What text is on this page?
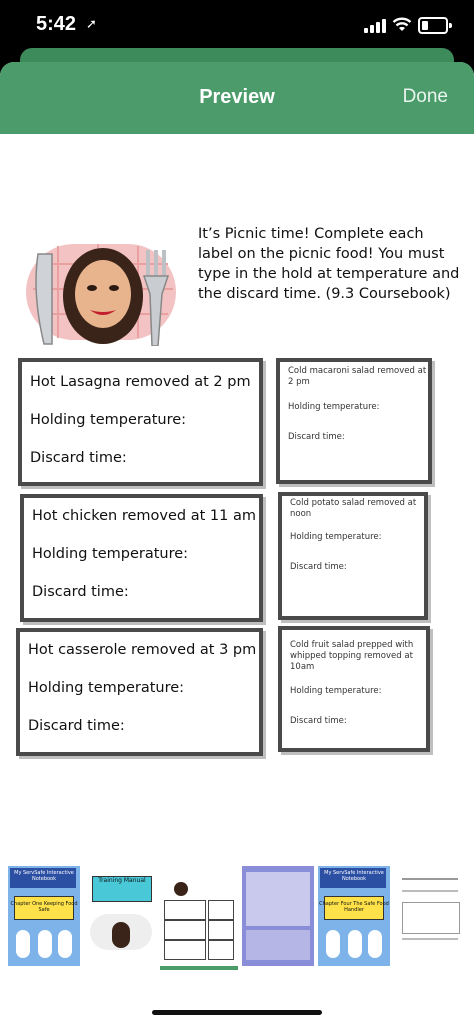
5:42 ➚
Preview	Done
It’s Picnic time! Complete each label on the picnic food! You must type in the hold at temperature and the discard time. (9.3 Coursebook)
Hot Lasagna removed at 2 pm
Holding temperature:
Discard time:
Hot chicken removed at 11 am
Holding temperature:
Discard time:
Hot casserole removed at 3 pm
Holding temperature:
Discard time:
Cold macaroni salad removed at 2 pm
Holding temperature:
Discard time:
Cold potato salad removed at noon
Holding temperature:
Discard time:
Cold fruit salad prepped with whipped topping removed at 10am
Holding temperature:
Discard time:
My ServSafe Interactive Notebook
Chapter One Keeping Food Safe
Training Manual
My ServSafe Interactive Notebook
Chapter Four The Safe Food Handler
